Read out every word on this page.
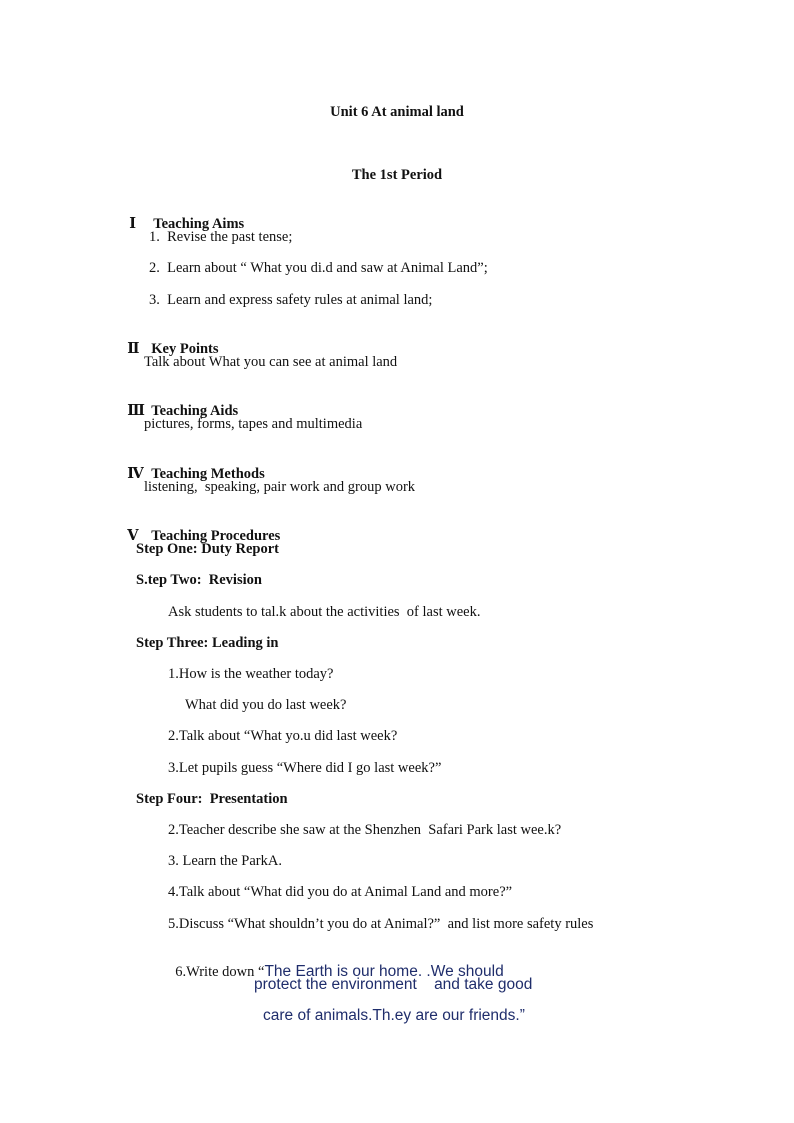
Unit 6 At animal land
The 1st Period

Ⅰ Teaching Aims

1.  Revise the past tense;
2.  Learn about “ What you di.d and saw at Animal Land”;
3.  Learn and express safety rules at animal land;

Ⅱ Key Points

Talk about What you can see at animal land

Ⅲ Teaching Aids

pictures, forms, tapes and multimedia

Ⅳ Teaching Methods

listening,  speaking, pair work and group work

Ⅴ Teaching Procedures

Step One: Duty Report
S.tep Two:  Revision
Ask students to tal.k about the activities  of last week.
Step Three: Leading in
1.How is the weather today?
What did you do last week?
2.Talk about “What yo.u did last week?
3.Let pupils guess “Where did I go last week?”
Step Four:  Presentation
2.Teacher describe she saw at the Shenzhen  Safari Park last wee.k?
3. Learn the ParkA.
4.Talk about “What did you do at Animal Land and more?”
5.Discuss “What shouldn’t you do at Animal?”  and list more safety rules

6.Write down “The Earth is our home. .We should

protect the environment    and take good
care of animals.Th.ey are our friends.”
